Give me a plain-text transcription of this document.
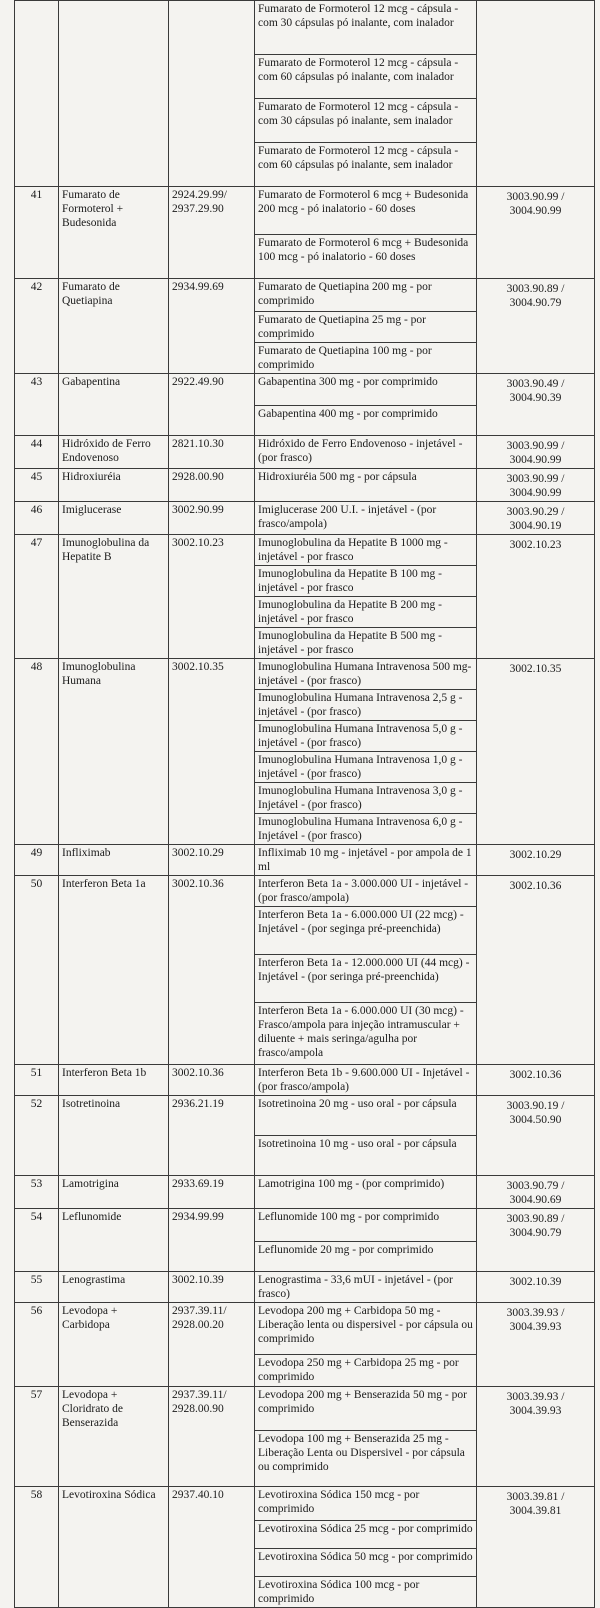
			Fumarato de Formoterol 12 mcg - cápsula - com 30 cápsulas pó inalante, com inalador	
			Fumarato de Formoterol 12 mcg - cápsula - com 60 cápsulas pó inalante, com inalador	
			Fumarato de Formoterol 12 mcg - cápsula - com 30 cápsulas pó inalante, sem inalador	
			Fumarato de Formoterol 12 mcg - cápsula - com 60 cápsulas pó inalante, sem inalador	
41	Fumarato de Formoterol + Budesonida	2924.29.99/ 2937.29.90	Fumarato de Formoterol 6 mcg + Budesonida 200 mcg - pó inalatorio - 60 doses	3003.90.99 / 3004.90.99
			Fumarato de Formoterol 6 mcg + Budesonida 100 mcg - pó inalatorio - 60 doses	
42	Fumarato de Quetiapina	2934.99.69	Fumarato de Quetiapina 200 mg - por comprimido	3003.90.89 / 3004.90.79
			Fumarato de Quetiapina 25 mg - por comprimido	
			Fumarato de Quetiapina 100 mg - por comprimido	
43	Gabapentina	2922.49.90	Gabapentina 300 mg - por comprimido	3003.90.49 / 3004.90.39
			Gabapentina 400 mg - por comprimido	
44	Hidróxido de Ferro Endovenoso	2821.10.30	Hidróxido de Ferro Endovenoso - injetável - (por frasco)	3003.90.99 / 3004.90.99
45	Hidroxiuréia	2928.00.90	Hidroxiuréia 500 mg - por cápsula	3003.90.99 / 3004.90.99
46	Imiglucerase	3002.90.99	Imiglucerase 200 U.I. - injetável - (por frasco/ampola)	3003.90.29 / 3004.90.19
47	Imunoglobulina da Hepatite B	3002.10.23	Imunoglobulina da Hepatite B 1000 mg - injetável - por frasco	3002.10.23
			Imunoglobulina da Hepatite B 100 mg - injetável - por frasco	
			Imunoglobulina da Hepatite B 200 mg - injetável - por frasco	
			Imunoglobulina da Hepatite B 500 mg - injetável - por frasco	
48	Imunoglobulina Humana	3002.10.35	Imunoglobulina Humana Intravenosa 500 mg- injetável - (por frasco)	3002.10.35
			Imunoglobulina Humana Intravenosa 2,5 g - injetável - (por frasco)	
			Imunoglobulina Humana Intravenosa 5,0 g - injetável - (por frasco)	
			Imunoglobulina Humana Intravenosa 1,0 g - injetável - (por frasco)	
			Imunoglobulina Humana Intravenosa 3,0 g - Injetável - (por frasco)	
			Imunoglobulina Humana Intravenosa 6,0 g - Injetável - (por frasco)	
49	Infliximab	3002.10.29	Infliximab 10 mg - injetável - por ampola de 1 ml	3002.10.29
50	Interferon Beta 1a	3002.10.36	Interferon Beta 1a - 3.000.000 UI - injetável - (por frasco/ampola)	3002.10.36
			Interferon Beta 1a - 6.000.000 UI (22 mcg) - Injetável - (por seginga pré-preenchida)	
			Interferon Beta 1a - 12.000.000 UI (44 mcg) - Injetável - (por seringa pré-preenchida)	
			Interferon Beta 1a - 6.000.000 UI (30 mcg) - Frasco/ampola para injeção intramuscular + diluente + mais seringa/agulha por frasco/ampola	
51	Interferon Beta 1b	3002.10.36	Interferon Beta 1b - 9.600.000 UI - Injetável - (por frasco/ampola)	3002.10.36
52	Isotretinoina	2936.21.19	Isotretinoina 20 mg - uso oral - por cápsula	3003.90.19 / 3004.50.90
			Isotretinoina 10 mg - uso oral - por cápsula	
53	Lamotrigina	2933.69.19	Lamotrigina 100 mg - (por comprimido)	3003.90.79 / 3004.90.69
54	Leflunomide	2934.99.99	Leflunomide 100 mg - por comprimido	3003.90.89 / 3004.90.79
			Leflunomide 20 mg - por comprimido	
55	Lenograstima	3002.10.39	Lenograstima - 33,6 mUI - injetável - (por frasco)	3002.10.39
56	Levodopa + Carbidopa	2937.39.11/ 2928.00.20	Levodopa 200 mg + Carbidopa 50 mg - Liberação lenta ou dispersivel - por cápsula ou comprimido	3003.39.93 / 3004.39.93
			Levodopa 250 mg + Carbidopa 25 mg - por comprimido	
57	Levodopa + Cloridrato de Benserazida	2937.39.11/ 2928.00.90	Levodopa 200 mg + Benserazida 50 mg - por comprimido	3003.39.93 / 3004.39.93
			Levodopa 100 mg + Benserazida 25 mg - Liberação Lenta ou Dispersivel - por cápsula ou comprimido	
58	Levotiroxina Sódica	2937.40.10	Levotiroxina Sódica 150 mcg - por comprimido	3003.39.81 / 3004.39.81
			Levotiroxina Sódica 25 mcg - por comprimido	
			Levotiroxina Sódica 50 mcg - por comprimido	
			Levotiroxina Sódica 100 mcg - por comprimido	
